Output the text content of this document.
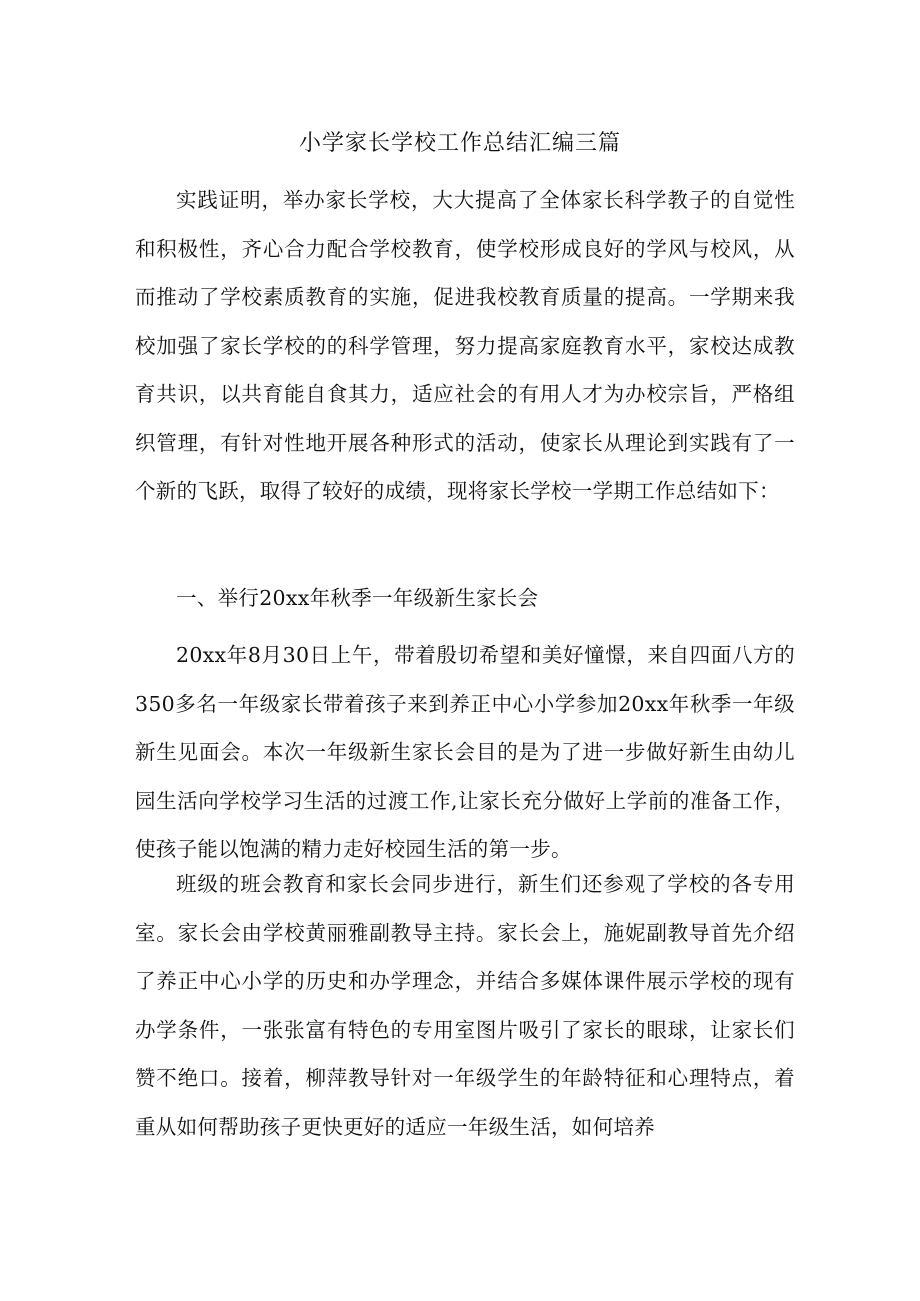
小学家长学校工作总结汇编三篇
实践证明，举办家长学校，大大提高了全体家长科学教子的自觉性和积极性，齐心合力配合学校教育，使学校形成良好的学风与校风，从而推动了学校素质教育的实施，促进我校教育质量的提高。一学期来我校加强了家长学校的的科学管理，努力提高家庭教育水平，家校达成教育共识，以共育能自食其力，适应社会的有用人才为办校宗旨，严格组织管理，有针对性地开展各种形式的活动，使家长从理论到实践有了一个新的飞跃，取得了较好的成绩，现将家长学校一学期工作总结如下：
一、举行20xx年秋季一年级新生家长会
20xx年8月30日上午，带着殷切希望和美好憧憬，来自四面八方的350多名一年级家长带着孩子来到养正中心小学参加20xx年秋季一年级新生见面会。本次一年级新生家长会目的是为了进一步做好新生由幼儿园生活向学校学习生活的过渡工作,让家长充分做好上学前的准备工作，使孩子能以饱满的精力走好校园生活的第一步。
班级的班会教育和家长会同步进行，新生们还参观了学校的各专用室。家长会由学校黄丽雅副教导主持。家长会上，施妮副教导首先介绍了养正中心小学的历史和办学理念，并结合多媒体课件展示学校的现有办学条件，一张张富有特色的专用室图片吸引了家长的眼球，让家长们赞不绝口。接着，柳萍教导针对一年级学生的年龄特征和心理特点，着重从如何帮助孩子更快更好的适应一年级生活，如何培养
